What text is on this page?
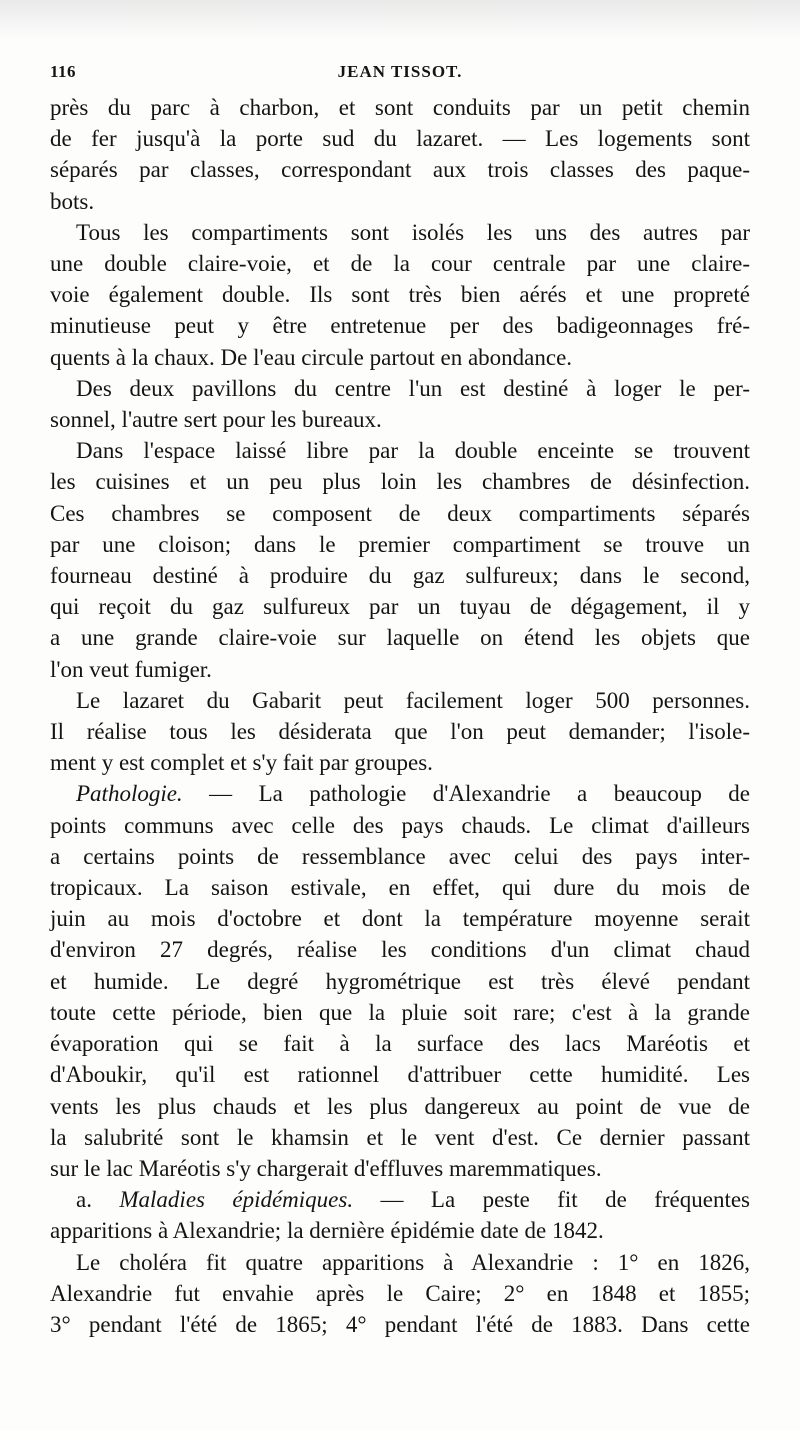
116	JEAN TISSOT.

près du parc à charbon, et sont conduits par un petit chemin
de fer jusqu'à la porte sud du lazaret. — Les logements sont
séparés par classes, correspondant aux trois classes des paque-
bots.

Tous les compartiments sont isolés les uns des autres par
une double claire-voie, et de la cour centrale par une claire-
voie également double. Ils sont très bien aérés et une propreté
minutieuse peut y être entretenue per des badigeonnages fré-
quents à la chaux. De l'eau circule partout en abondance.

Des deux pavillons du centre l'un est destiné à loger le per-
sonnel, l'autre sert pour les bureaux.

Dans l'espace laissé libre par la double enceinte se trouvent
les cuisines et un peu plus loin les chambres de désinfection.
Ces chambres se composent de deux compartiments séparés
par une cloison; dans le premier compartiment se trouve un
fourneau destiné à produire du gaz sulfureux; dans le second,
qui reçoit du gaz sulfureux par un tuyau de dégagement, il y
a une grande claire-voie sur laquelle on étend les objets que
l'on veut fumiger.

Le lazaret du Gabarit peut facilement loger 500 personnes.
Il réalise tous les désiderata que l'on peut demander; l'isole-
ment y est complet et s'y fait par groupes.

Pathologie. — La pathologie d'Alexandrie a beaucoup de
points communs avec celle des pays chauds. Le climat d'ailleurs
a certains points de ressemblance avec celui des pays inter-
tropicaux. La saison estivale, en effet, qui dure du mois de
juin au mois d'octobre et dont la température moyenne serait
d'environ 27 degrés, réalise les conditions d'un climat chaud
et humide. Le degré hygrométrique est très élevé pendant
toute cette période, bien que la pluie soit rare; c'est à la grande
évaporation qui se fait à la surface des lacs Maréotis et
d'Aboukir, qu'il est rationnel d'attribuer cette humidité. Les
vents les plus chauds et les plus dangereux au point de vue de
la salubrité sont le khamsin et le vent d'est. Ce dernier passant
sur le lac Maréotis s'y chargerait d'effluves maremmatiques.

a. Maladies épidémiques. — La peste fit de fréquentes
apparitions à Alexandrie; la dernière épidémie date de 1842.

Le choléra fit quatre apparitions à Alexandrie : 1° en 1826,
Alexandrie fut envahie après le Caire; 2° en 1848 et 1855;
3° pendant l'été de 1865; 4° pendant l'été de 1883. Dans cette
